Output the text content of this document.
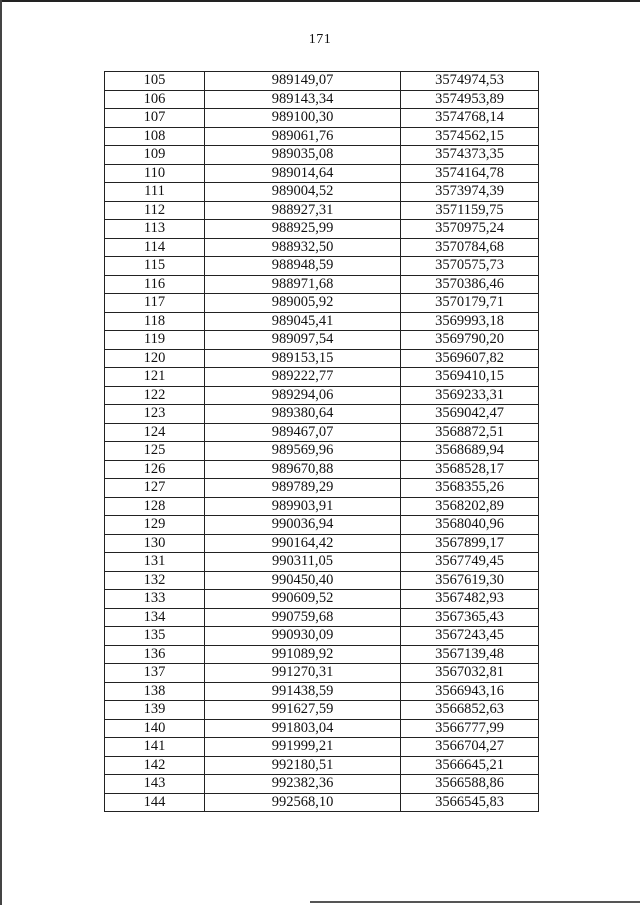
171
105	989149,07	3574974,53
106	989143,34	3574953,89
107	989100,30	3574768,14
108	989061,76	3574562,15
109	989035,08	3574373,35
110	989014,64	3574164,78
111	989004,52	3573974,39
112	988927,31	3571159,75
113	988925,99	3570975,24
114	988932,50	3570784,68
115	988948,59	3570575,73
116	988971,68	3570386,46
117	989005,92	3570179,71
118	989045,41	3569993,18
119	989097,54	3569790,20
120	989153,15	3569607,82
121	989222,77	3569410,15
122	989294,06	3569233,31
123	989380,64	3569042,47
124	989467,07	3568872,51
125	989569,96	3568689,94
126	989670,88	3568528,17
127	989789,29	3568355,26
128	989903,91	3568202,89
129	990036,94	3568040,96
130	990164,42	3567899,17
131	990311,05	3567749,45
132	990450,40	3567619,30
133	990609,52	3567482,93
134	990759,68	3567365,43
135	990930,09	3567243,45
136	991089,92	3567139,48
137	991270,31	3567032,81
138	991438,59	3566943,16
139	991627,59	3566852,63
140	991803,04	3566777,99
141	991999,21	3566704,27
142	992180,51	3566645,21
143	992382,36	3566588,86
144	992568,10	3566545,83
